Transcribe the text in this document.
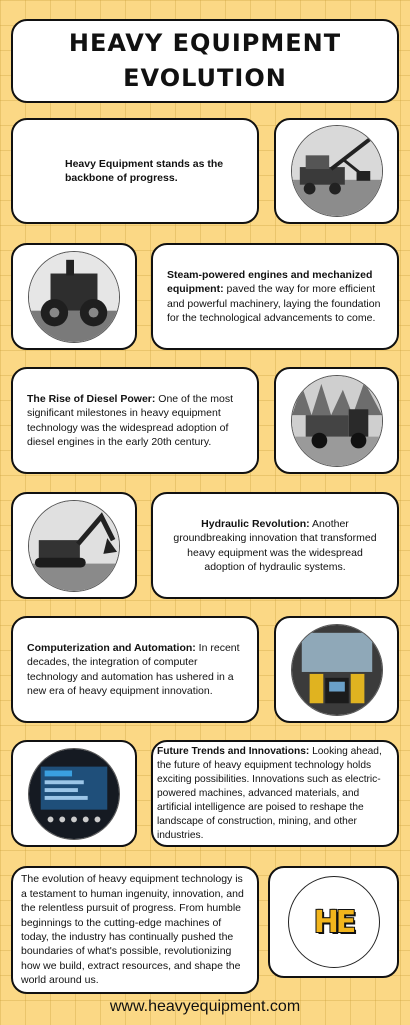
HEAVY EQUIPMENT
EVOLUTION

Heavy Equipment stands as the backbone of progress.

Steam-powered engines and mechanized equipment: paved the way for more efficient and powerful machinery, laying the foundation for the technological advancements to come.

The Rise of Diesel Power: One of the most significant milestones in heavy equipment technology was the widespread adoption of diesel engines in the early 20th century.

Hydraulic Revolution: Another groundbreaking innovation that transformed heavy equipment was the widespread adoption of hydraulic systems.

Computerization and Automation: In recent decades, the integration of computer technology and automation has ushered in a new era of heavy equipment innovation.

Future Trends and Innovations: Looking ahead, the future of heavy equipment technology holds exciting possibilities. Innovations such as electric-powered machines, advanced materials, and artificial intelligence are poised to reshape the landscape of construction, mining, and other industries.

The evolution of heavy equipment technology is a testament to human ingenuity, innovation, and the relentless pursuit of progress. From humble beginnings to the cutting-edge machines of today, the industry has continually pushed the boundaries of what's possible, revolutionizing how we build, extract resources, and shape the world around us.

HE
www.heavyequipment.com
